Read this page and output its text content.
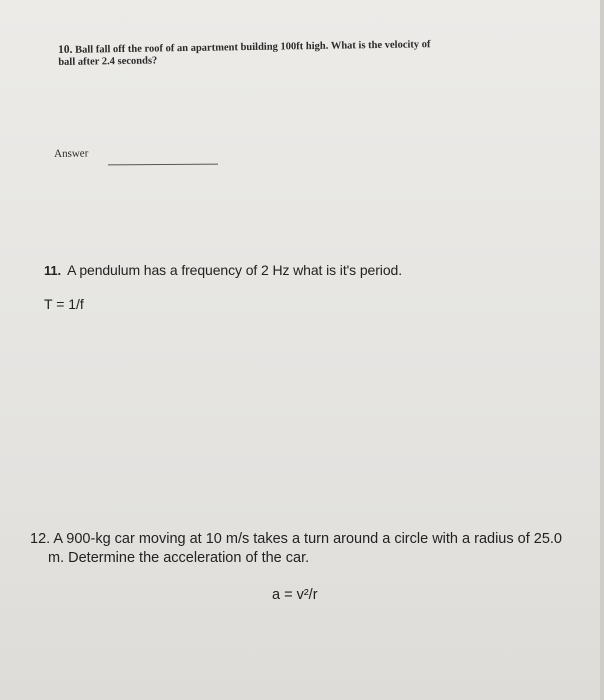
10. Ball fall off the roof of an apartment building 100ft high. What is the velocity of
ball after 2.4 seconds?
Answer
11. A pendulum has a frequency of 2 Hz what is it's period.
T = 1/f
12. A 900-kg car moving at 10 m/s takes a turn around a circle with a radius of 25.0
m. Determine the acceleration of the car.
a = v²/r
